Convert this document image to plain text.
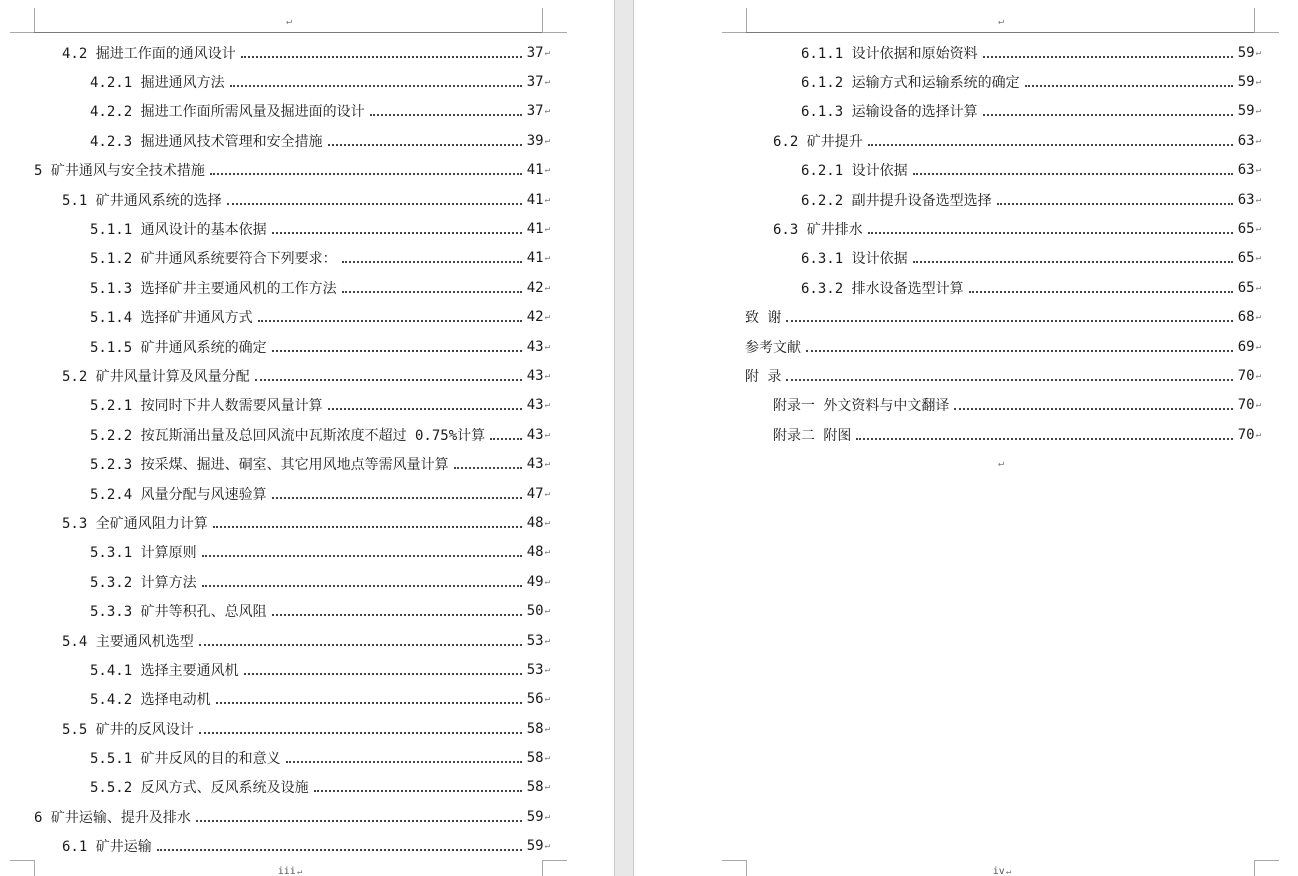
↵
4.2 掘进工作面的通风设计	37 ↵
4.2.1 掘进通风方法	37 ↵
4.2.2 掘进工作面所需风量及掘进面的设计	37 ↵
4.2.3 掘进通风技术管理和安全措施	39 ↵
5 矿井通风与安全技术措施	41 ↵
5.1 矿井通风系统的选择	41 ↵
5.1.1 通风设计的基本依据	41 ↵
5.1.2 矿井通风系统要符合下列要求：	41 ↵
5.1.3 选择矿井主要通风机的工作方法	42 ↵
5.1.4 选择矿井通风方式	42 ↵
5.1.5 矿井通风系统的确定	43 ↵
5.2 矿井风量计算及风量分配	43 ↵
5.2.1 按同时下井人数需要风量计算	43 ↵
5.2.2 按瓦斯涌出量及总回风流中瓦斯浓度不超过 0.75%计算	43 ↵
5.2.3 按采煤、掘进、硐室、其它用风地点等需风量计算	43 ↵
5.2.4 风量分配与风速验算	47 ↵
5.3 全矿通风阻力计算	48 ↵
5.3.1 计算原则	48 ↵
5.3.2 计算方法	49 ↵
5.3.3 矿井等积孔、总风阻	50 ↵
5.4 主要通风机选型	53 ↵
5.4.1 选择主要通风机	53 ↵
5.4.2 选择电动机	56 ↵
5.5 矿井的反风设计	58 ↵
5.5.1 矿井反风的目的和意义	58 ↵
5.5.2 反风方式、反风系统及设施	58 ↵
6 矿井运输、提升及排水	59 ↵
6.1 矿井运输	59 ↵
iii↵
↵
6.1.1 设计依据和原始资料	59 ↵
6.1.2 运输方式和运输系统的确定	59 ↵
6.1.3 运输设备的选择计算	59 ↵
6.2 矿井提升	63 ↵
6.2.1 设计依据	63 ↵
6.2.2 副井提升设备选型选择	63 ↵
6.3 矿井排水	65 ↵
6.3.1 设计依据	65 ↵
6.3.2 排水设备选型计算	65 ↵
致 谢	68 ↵
参考文献	69 ↵
附 录	70 ↵
附录一 外文资料与中文翻译	70 ↵
附录二 附图	70 ↵
↵
iv↵
